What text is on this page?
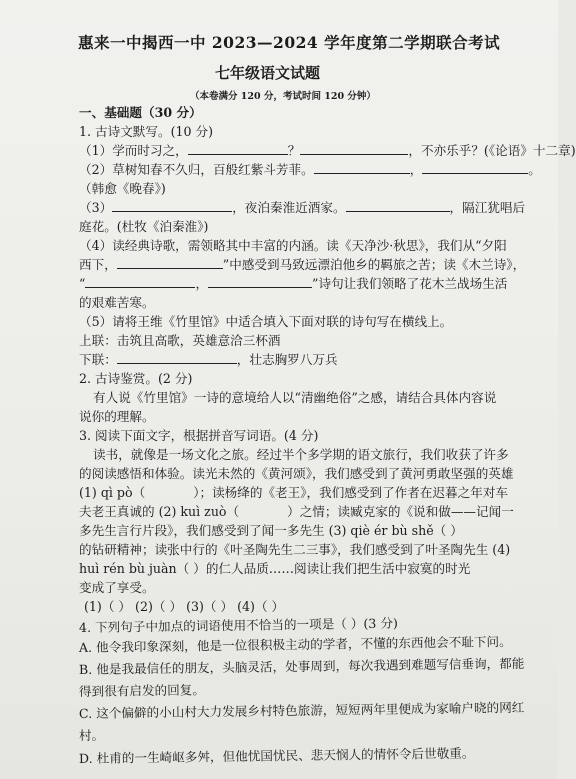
惠来一中揭西一中 2023—2024 学年度第二学期联合考试
七年级语文试题
（本卷满分 120 分，考试时间 120 分钟）
一、基础题（30 分）
1. 古诗文默写。(10 分)
（1）学而时习之，	？	，不亦乐乎？(《论语》十二章)
（2）草树知春不久归，百般红紫斗芳菲。	，	。
（韩愈《晚春》)
（3）	，夜泊秦淮近酒家。	，隔江犹唱后
庭花。(杜牧《泊秦淮》)
（4）读经典诗歌，需领略其中丰富的内涵。读《天净沙·秋思》，我们从“夕阳
西下，	”中感受到马致远漂泊他乡的羁旅之苦；读《木兰诗》，
“	，	”诗句让我们领略了花木兰战场生活
的艰难苦寒。
（5）请将王维《竹里馆》中适合填入下面对联的诗句写在横线上。
上联：击筑且高歌，英雄意洽三杯酒
下联：	，壮志胸罗八万兵
2. 古诗鉴赏。(2 分)
有人说《竹里馆》一诗的意境给人以“清幽绝俗”之感，请结合具体内容说
说你的理解。
3. 阅读下面文字，根据拼音写词语。(4 分)
读书，就像是一场文化之旅。经过半个多学期的语文旅行，我们收获了许多
的阅读感悟和体验。读光未然的《黄河颂》，我们感受到了黄河勇敢坚强的英雄
(1) qì pò（	）；读杨绛的《老王》，我们感受到了作者在迟暮之年对车
夫老王真诚的 (2) kuì zuò（	）之情；读臧克家的《说和做——记闻一
多先生言行片段》，我们感受到了闻一多先生 (3) qiè ér bù shě（ ）
的钻研精神；读张中行的《叶圣陶先生二三事》，我们感受到了叶圣陶先生 (4)
huì rén bù juàn（ ）的仁人品质……阅读让我们把生活中寂寞的时光
变成了享受。
(1)（ ） (2)（ ） (3)（ ） (4)（ ）
4. 下列句子中加点的词语使用不恰当的一项是（ ）(3 分)
A. 他令我印象深刻，他是一位很积极主动的学者，不懂的东西他会不耻下问。
B. 他是我最信任的朋友，头脑灵活，处事周到，每次我遇到难题写信垂询，都能
得到很有启发的回复。
C. 这个偏僻的小山村大力发展乡村特色旅游，短短两年里便成为家喻户晓的网红
村。
D. 杜甫的一生崎岖多舛，但他忧国忧民、悲天悯人的情怀令后世敬重。
